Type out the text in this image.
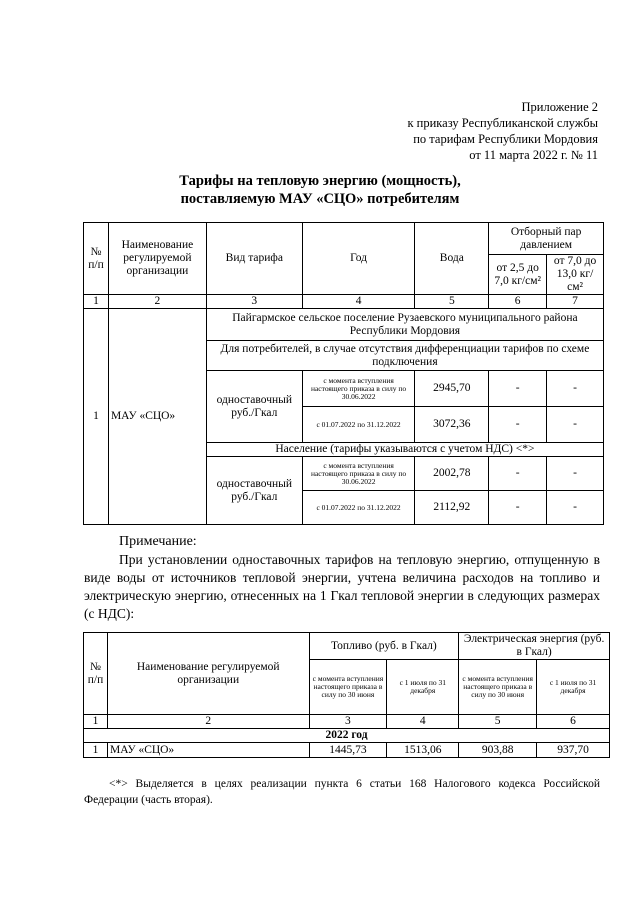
Приложение 2
к приказу Республиканской службы
по тарифам Республики Мордовия
от 11 марта 2022 г. № 11
Тарифы на тепловую энергию (мощность),
поставляемую МАУ «СЦО» потребителям
№ п/п	Наименование регулируемой организации	Вид тарифа	Год	Вода	Отборный пар давлением	
					от 2,5 до 7,0 кг/см²	от 7,0 до 13,0 кг/см²
1	2	3	4	5	6	7
1	МАУ «СЦО»	Пайгармское сельское поселение Рузаевского муниципального района Республики Мордовия				
		Для потребителей, в случае отсутствия дифференциации тарифов по схеме подключения				
		одноставочный руб./Гкал	с момента вступления настоящего приказа в силу по 30.06.2022	2945,70	-	-
			с 01.07.2022 по 31.12.2022	3072,36	-	-
		Население (тарифы указываются с учетом НДС) <*>				
		одноставочный руб./Гкал	с момента вступления настоящего приказа в силу по 30.06.2022	2002,78	-	-
			с 01.07.2022 по 31.12.2022	2112,92	-	-
Примечание:
При установлении одноставочных тарифов на тепловую энергию, отпущенную в виде воды от источников тепловой энергии, учтена величина расходов на топливо и электрическую энергию, отнесенных на 1 Гкал тепловой энергии в следующих размерах (с НДС):
№ п/п	Наименование регулируемой организации	Топливо (руб. в Гкал)		Электрическая энергия (руб. в Гкал)	
		с момента вступления настоящего приказа в силу по 30 июня	с 1 июля по 31 декабря	с момента вступления настоящего приказа в силу по 30 июня	с 1 июля по 31 декабря
1	2	3	4	5	6
2022 год					
1	МАУ «СЦО»	1445,73	1513,06	903,88	937,70
<*> Выделяется в целях реализации пункта 6 статьи 168 Налогового кодекса Российской Федерации (часть вторая).
